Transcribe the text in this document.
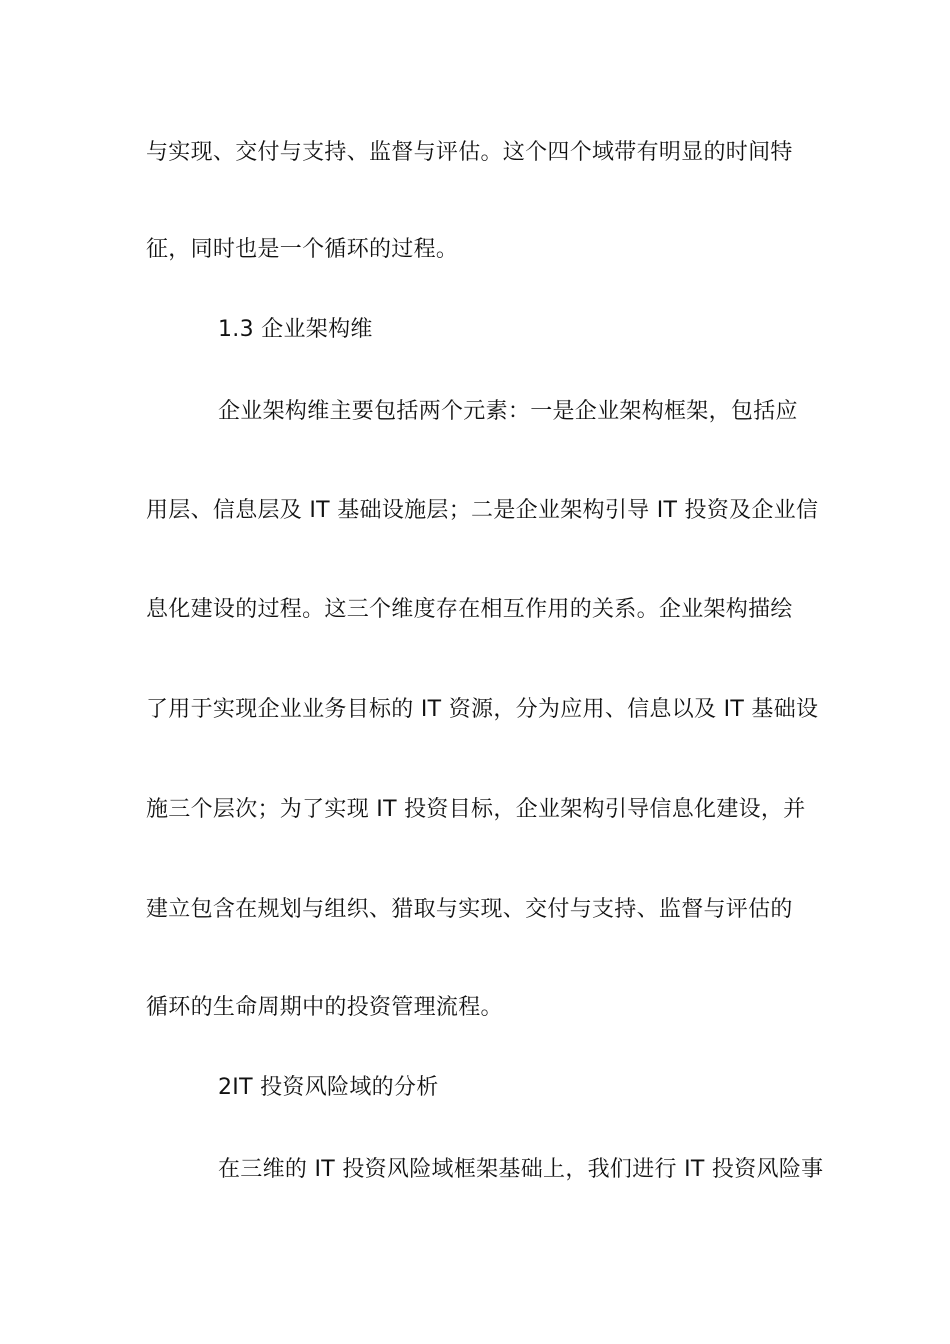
与实现、交付与支持、监督与评估。这个四个域带有明显的时间特
征，同时也是一个循环的过程。
1.3 企业架构维
企业架构维主要包括两个元素：一是企业架构框架，包括应
用层、信息层及 IT 基础设施层；二是企业架构引导 IT 投资及企业信
息化建设的过程。这三个维度存在相互作用的关系。企业架构描绘
了用于实现企业业务目标的 IT 资源，分为应用、信息以及 IT 基础设
施三个层次；为了实现 IT 投资目标，企业架构引导信息化建设，并
建立包含在规划与组织、猎取与实现、交付与支持、监督与评估的
循环的生命周期中的投资管理流程。
2IT 投资风险域的分析
在三维的 IT 投资风险域框架基础上，我们进行 IT 投资风险事
